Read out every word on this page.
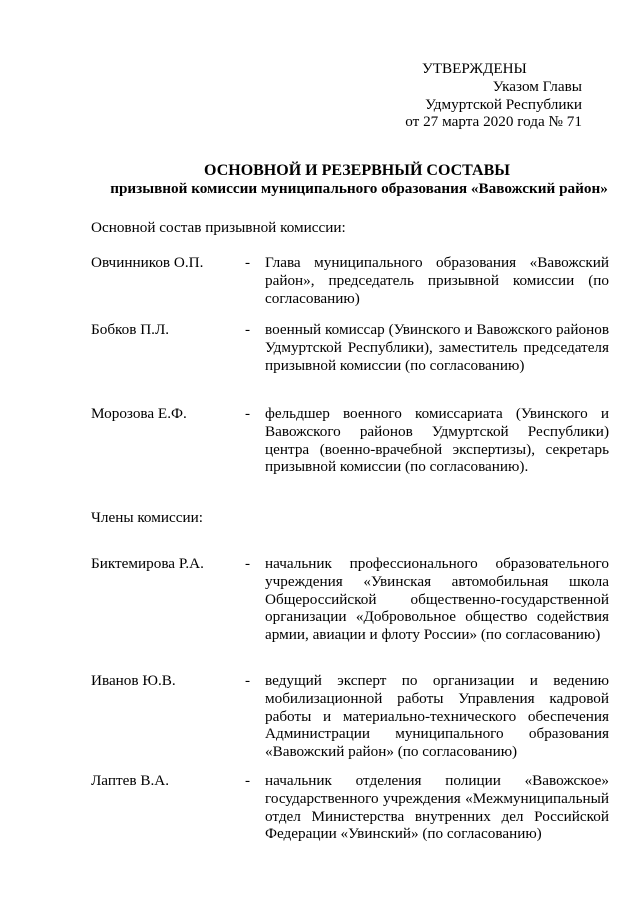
УТВЕРЖДЕНЫ
Указом Главы
Удмуртской Республики
от 27 марта 2020 года № 71
ОСНОВНОЙ И РЕЗЕРВНЫЙ СОСТАВЫ
призывной комиссии муниципального образования «Вавожский район»
Основной состав призывной комиссии:
Овчинников О.П.	- Глава муниципального образования «Вавожский район», председатель призывной комиссии (по согласованию)
Бобков П.Л.	- военный комиссар (Увинского и Вавожского районов Удмуртской Республики), заместитель председателя призывной комиссии (по согласованию)
Морозова Е.Ф.	- фельдшер военного комиссариата (Увинского и Вавожского районов Удмуртской Республики) центра (военно-врачебной экспертизы), секретарь призывной комиссии (по согласованию).
Члены комиссии:
Биктемирова Р.А.	- начальник профессионального образовательного учреждения «Увинская автомобильная школа Общероссийской общественно-государственной организации «Добровольное общество содействия армии, авиации и флоту России» (по согласованию)
Иванов Ю.В.	- ведущий эксперт по организации и ведению мобилизационной работы Управления кадровой работы и материально-технического обеспечения Администрации муниципального образования «Вавожский район» (по согласованию)
Лаптев В.А.	- начальник отделения полиции «Вавожское» государственного учреждения «Межмуниципальный отдел Министерства внутренних дел Российской Федерации «Увинский» (по согласованию)
